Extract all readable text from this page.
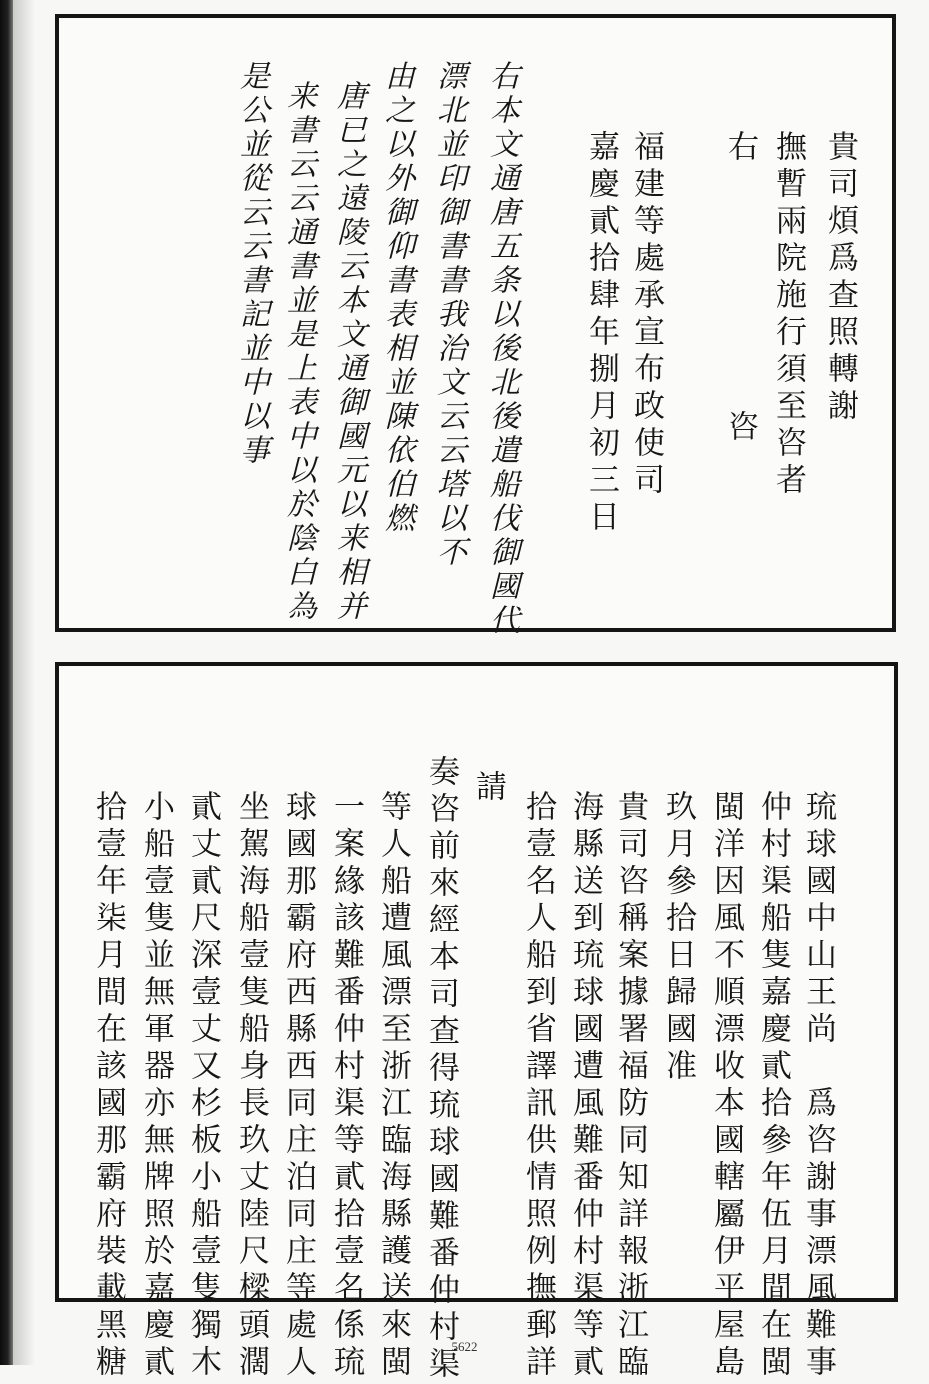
貴司煩爲查照轉謝
撫暫兩院施行須至咨者
右
咨
福建等處承宣布政使司
嘉慶貳拾肆年捌月初三日
右本文通唐五条以後北後遣船伐御國代
漂北並印御書書我治文云云塔以不
由之以外御仰書表相並陳依伯燃
唐已之遠陵云本文通御國元以来相并
来書云云通書並是上表中以於陰白為
是公並從云云書記並中以事
琉球國中山王尚　爲咨謝事漂風難事
仲村渠船隻嘉慶貳拾參年伍月間在閩
閩洋因風不順漂收本國轄屬伊平屋島
玖月參拾日歸國准
貴司咨稱案據署福防同知詳報浙江臨
海縣送到琉球國遭風難番仲村渠等貳
拾壹名人船到省譯訊供情照例撫郵詳
請
奏咨前來經本司查得琉球國難番仲村渠
等人船遭風漂至浙江臨海縣護送來閩
一案緣該難番仲村渠等貳拾壹名係琉
球國那霸府西縣西同庄泊同庄等處人
坐駕海船壹隻船身長玖丈陸尺樑頭濶
貳丈貳尺深壹丈又杉板小船壹隻獨木
小船壹隻並無軍器亦無牌照於嘉慶貳
拾壹年柒月間在該國那霸府裝載黑糖	5622
